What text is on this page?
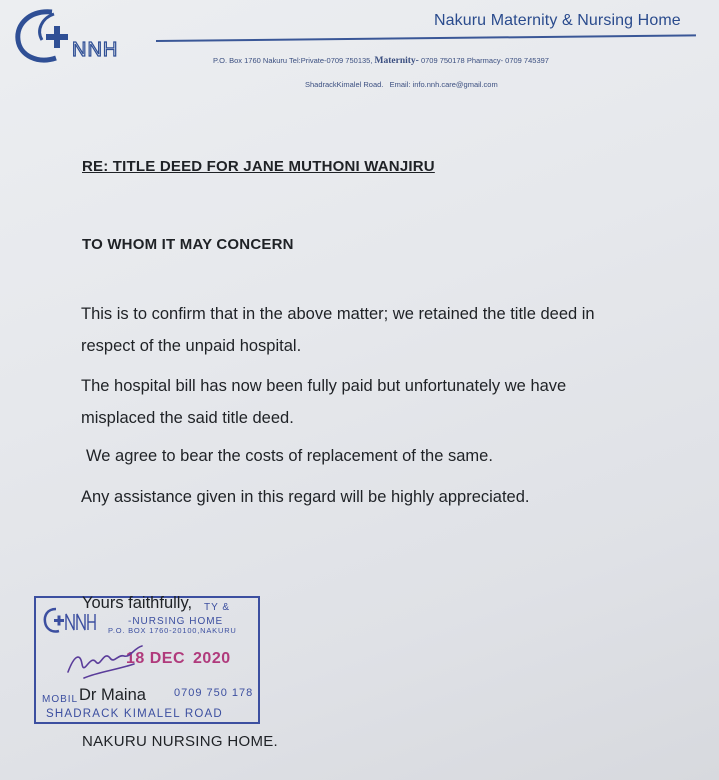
NNH
Nakuru Maternity & Nursing Home
P.O. Box 1760 Nakuru Tel:Private-0709 750135, Maternity- 0709 750178 Pharmacy- 0709 745397
ShadrackKimalel Road. Email: info.nnh.care@gmail.com
RE: TITLE DEED FOR JANE MUTHONI WANJIRU
TO WHOM IT MAY CONCERN
This is to confirm that in the above matter; we retained the title deed in
respect of the unpaid hospital.
The hospital bill has now been fully paid but unfortunately we have
misplaced the said title deed.
We agree to bear the costs of replacement of the same.
Any assistance given in this regard will be highly appreciated.
TY &
-NURSING HOME
P.O. BOX 1760-20100,NAKURU
18 DEC 2020
MOBIL
0709 750 178
SHADRACK KIMALEL ROAD
Yours faithfully,
Dr Maina
NAKURU NURSING HOME.
